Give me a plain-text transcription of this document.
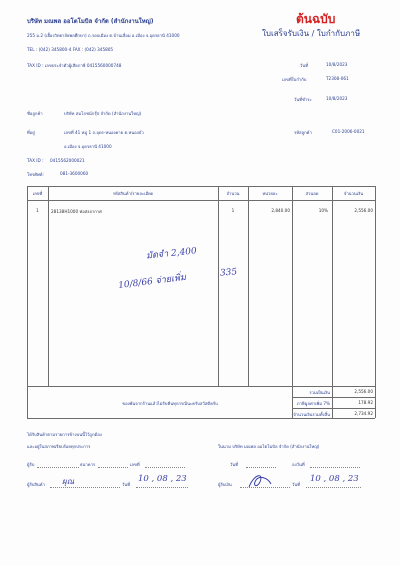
บริษัท มณพล ออโตโมบิล จำกัด (สำนักงานใหญ่)
255 ม.2 (เยื้องวิทยาลัยพลศึกษา) ถ.รอบเมือง ต.บ้านเลื่อม อ.เมือง จ.อุดรธานี 41000
TEL : (042) 345800-4 FAX : (042) 345805
TAX ID : เลขประจำตัวผู้เสียภาษี 0415560000748
ต้นฉบับ
ใบเสร็จรับเงิน / ใบกำกับภาษี
วันที่	10/8/2023
เลขที่ใบกำกับ	T2308-061
วันที่ชำระ	10/8/2023
ชื่อลูกค้า	บริษัท สมโภชน์กรุ๊ป จำกัด (สำนักงานใหญ่)
ที่อยู่	เลขที่ 41 หมู่ 1 ถ.อุดร-หนองคาย ต.หนองบัว
อ.เมือง จ.อุดรธานี 41000
รหัสลูกค้า	C01-2006-0021
TAX ID : 0415562000021
โทรศัพท์:	081-3600060
เลขที่	รหัสสินค้า/รายละเอียด	จำนวน	หน่วยละ	ส่วนลด	จำนวนเงิน
1	28138H1000 ท่อส่งอากาศ	1	2,840.00	10%	2,556.00
มัดจำ 2,400
10/8/66 จ่ายเพิ่ม	335
ของพ้นจากร้านแล้วไม่รับคืนทุกกรณีนะครับสวัสดีครับ
รวมเป็นเงิน	2,556.00
ภาษีมูลค่าเพิ่ม 7%	178.92
จำนวนเงินรวมทั้งสิ้น	2,734.92
ได้รับสินค้าตามรายการข้างบนนี้ไว้ถูกต้อง
และอยู่ในสภาพเรียบร้อยทุกประการ	ในนาม บริษัท มณพล ออโตโมบิล จำกัด (สำนักงานใหญ่)
ผู้รับ	ธนาคาร	เลขที่	วันที่	ลงวันที่
ผู้รับสินค้า ผุณ	วันที่
10 , 08 , 23
ผู้รับเงิน	วันที่
10 , 08 , 23
